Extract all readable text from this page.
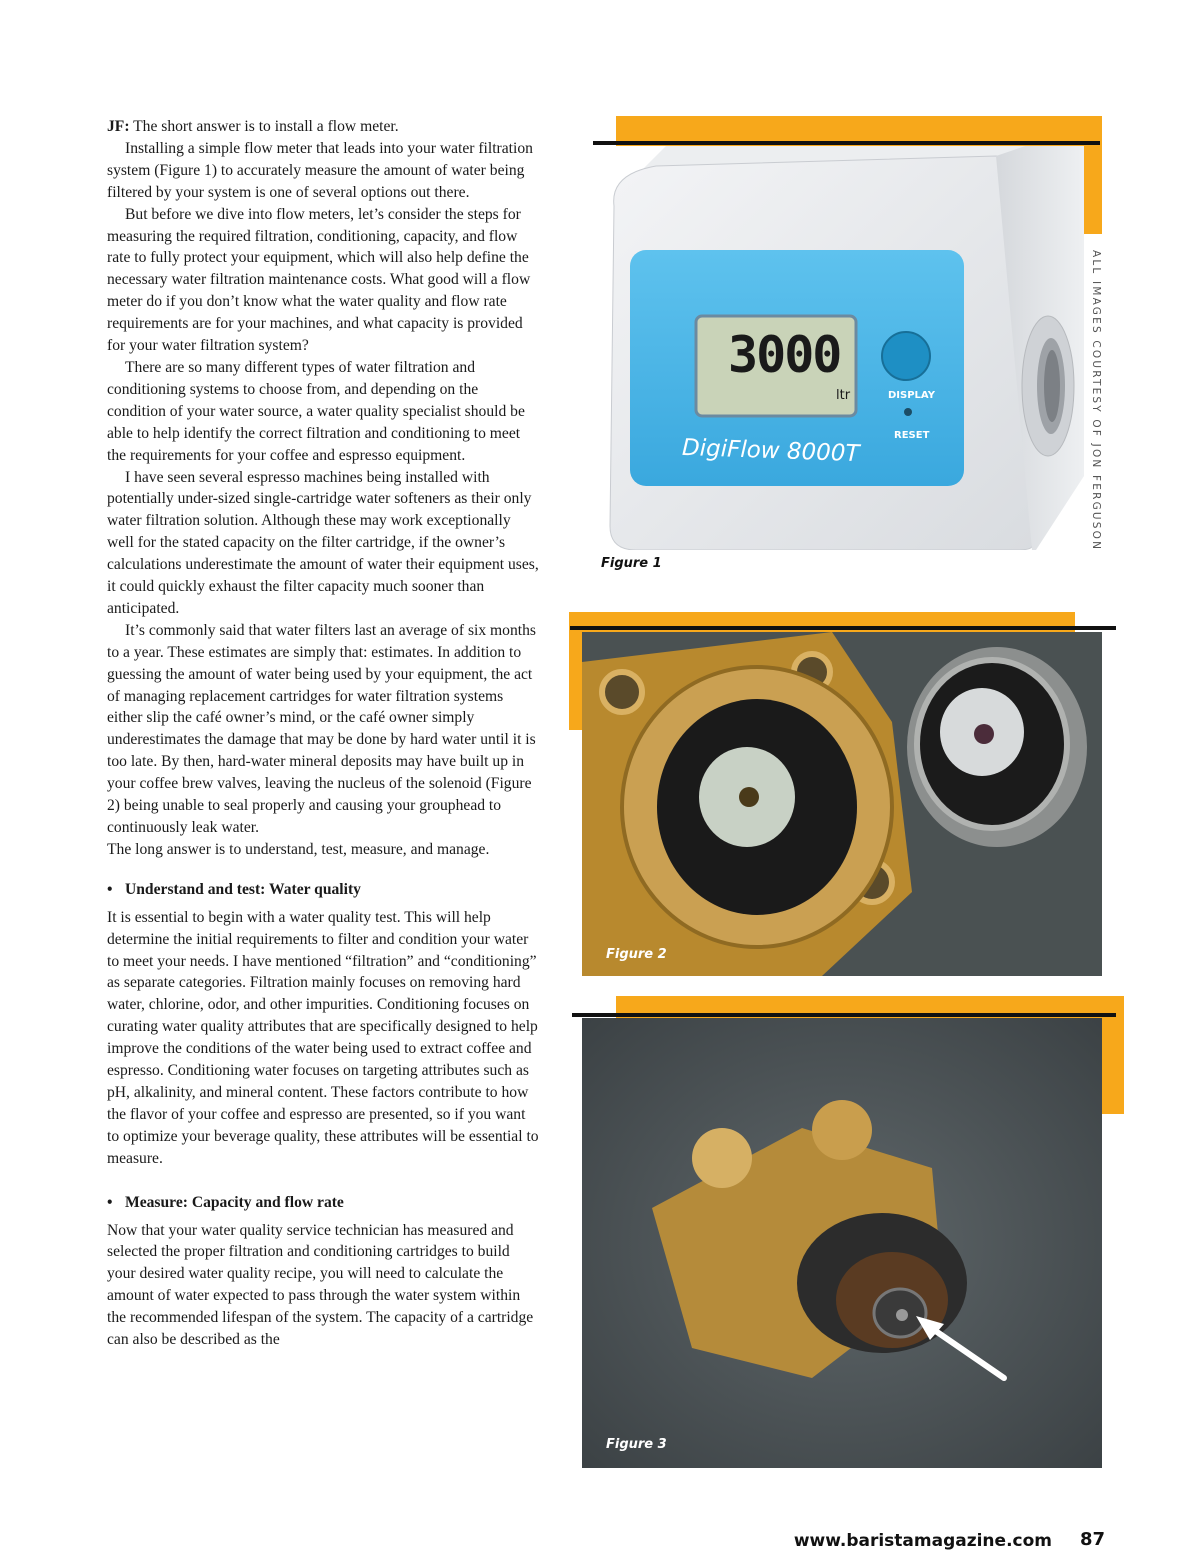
JF: The short answer is to install a flow meter.

Installing a simple flow meter that leads into your water filtration system (Figure 1) to accurately measure the amount of water being filtered by your system is one of several options out there.

But before we dive into flow meters, let’s consider the steps for measuring the required filtration, conditioning, capacity, and flow rate to fully protect your equipment, which will also help define the necessary water filtration maintenance costs. What good will a flow meter do if you don’t know what the water quality and flow rate requirements are for your machines, and what capacity is provided for your water filtration system?

There are so many different types of water filtration and conditioning systems to choose from, and depending on the condition of your water source, a water quality specialist should be able to help identify the correct filtration and conditioning to meet the requirements for your coffee and espresso equipment.

I have seen several espresso machines being installed with potentially under-sized single-cartridge water softeners as their only water filtration solution. Although these may work exceptionally well for the stated capacity on the filter cartridge, if the owner’s calculations underestimate the amount of water their equipment uses, it could quickly exhaust the filter capacity much sooner than anticipated.

It’s commonly said that water filters last an average of six months to a year. These estimates are simply that: estimates. In addition to guessing the amount of water being used by your equipment, the act of managing replacement cartridges for water filtration systems either slip the café owner’s mind, or the café owner simply underestimates the damage that may be done by hard water until it is too late. By then, hard-water mineral deposits may have built up in your coffee brew valves, leaving the nucleus of the solenoid (Figure 2) being unable to seal properly and causing your grouphead to continuously leak water.

The long answer is to understand, test, measure, and manage.

• Understand and test: Water quality

It is essential to begin with a water quality test. This will help determine the initial requirements to filter and condition your water to meet your needs. I have mentioned “filtration” and “conditioning” as separate categories. Filtration mainly focuses on removing hard water, chlorine, odor, and other impurities. Conditioning focuses on curating water quality attributes that are specifically designed to help improve the conditions of the water being used to extract coffee and espresso. Conditioning water focuses on targeting attributes such as pH, alkalinity, and mineral content. These factors contribute to how the flavor of your coffee and espresso are presented, so if you want to optimize your beverage quality, these attributes will be essential to measure.

• Measure: Capacity and flow rate

Now that your water quality service technician has measured and selected the proper filtration and conditioning cartridges to build your desired water quality recipe, you will need to calculate the amount of water expected to pass through the water system within the recommended lifespan of the system. The capacity of a cartridge can also be described as the

3000
ltr	DISPLAY
RESET
DigiFlow 8000T
Figure 1
Figure 2
Figure 3
ALL IMAGES COURTESY OF JON FERGUSON
www.baristamagazine.com 87
